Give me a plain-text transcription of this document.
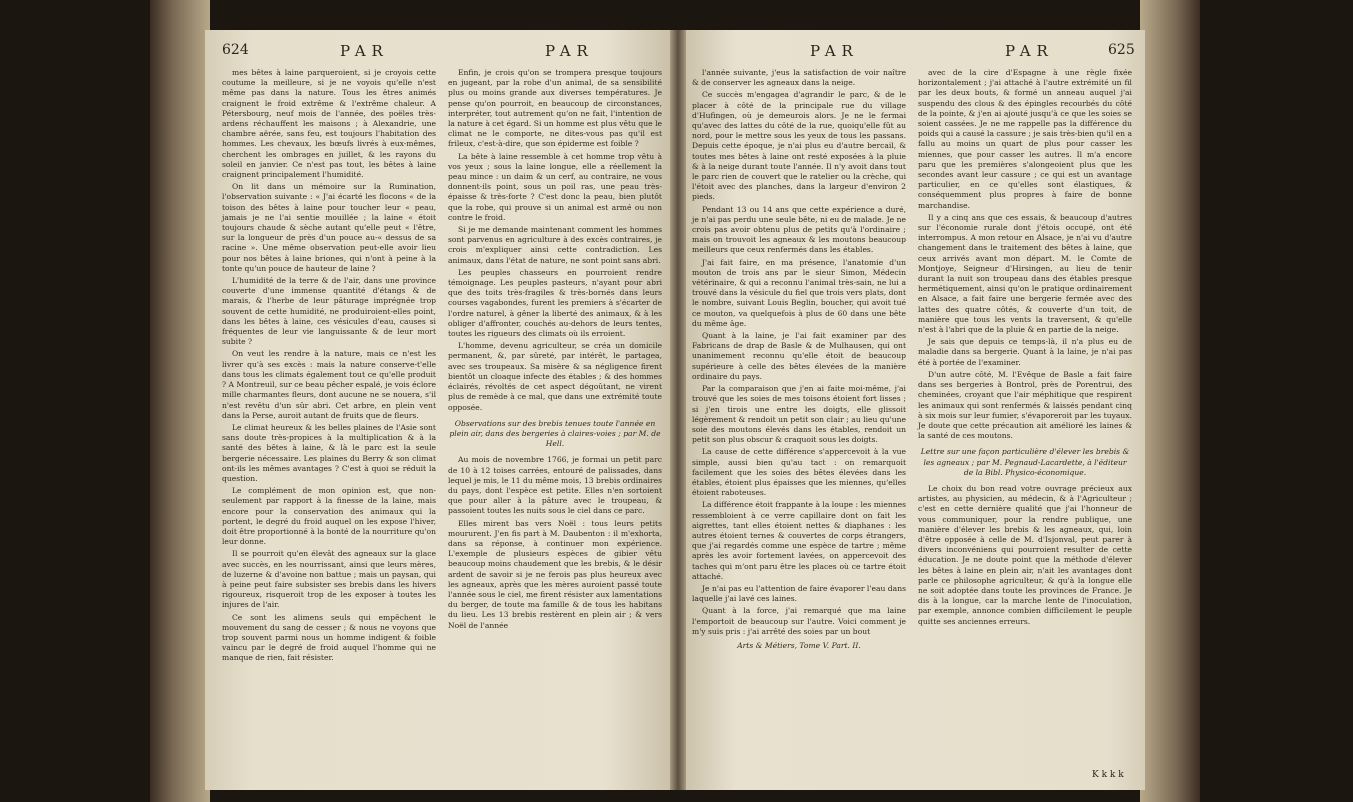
624	PAR	PAR	PAR	PAR	625

mes bêtes à laine parqueroient, si je croyois cette coutume la meilleure, si je ne voyois qu'elle n'est même pas dans la nature. Tous les êtres animés craignent le froid extrême & l'extrême chaleur. A Pétersbourg, neuf mois de l'année, des poëles très-ardens réchauffent les maisons ; à Alexandrie, une chambre aërée, sans feu, est toujours l'habitation des hommes. Les chevaux, les bœufs livrés à eux-mêmes, cherchent les ombrages en juillet, & les rayons du soleil en janvier. Ce n'est pas tout, les bêtes à laine craignent principalement l'humidité.

On lit dans un mémoire sur la Rumination, l'observation suivante : « J'ai écarté les flocons « de la toison des bêtes à laine pour toucher leur « peau, jamais je ne l'ai sentie mouillée ; la laine « étoit toujours chaude & sèche autant qu'elle peut « l'être, sur la longueur de près d'un pouce au-« dessus de sa racine ». Une même observation peut-elle avoir lieu pour nos bêtes à laine briones, qui n'ont à peine à la tonte qu'un pouce de hauteur de laine ?

L'humidité de la terre & de l'air, dans une province couverte d'une immense quantité d'étangs & de marais, & l'herbe de leur pâturage imprégnée trop souvent de cette humidité, ne produiroient-elles point, dans les bêtes à laine, ces vésicules d'eau, causes si fréquentes de leur vie languissante & de leur mort subite ?

On veut les rendre à la nature, mais ce n'est les livrer qu'à ses excès : mais la nature conserve-t'elle dans tous les climats également tout ce qu'elle produit ? A Montreuil, sur ce beau pêcher espalé, je vois éclore mille charmantes fleurs, dont aucune ne se nouera, s'il n'est revêtu d'un sûr abri. Cet arbre, en plein vent dans la Perse, auroit autant de fruits que de fleurs.

Le climat heureux & les belles plaines de l'Asie sont sans doute très-propices à la multiplication & à la santé des bêtes à laine, & là le parc est la seule bergerie nécessaire. Les plaines du Berry & son climat ont-ils les mêmes avantages ? C'est à quoi se réduit la question.

Le complément de mon opinion est, que non-seulement par rapport à la finesse de la laine, mais encore pour la conservation des animaux qui la portent, le degré du froid auquel on les expose l'hiver, doit être proportionné à la bonté de la nourriture qu'on leur donne.

Il se pourroit qu'en élevât des agneaux sur la glace avec succès, en les nourrissant, ainsi que leurs mères, de luzerne & d'avoine non battue ; mais un paysan, qui à peine peut faire subsister ses brebis dans les hivers rigoureux, risqueroit trop de les exposer à toutes les injures de l'air.

Ce sont les alimens seuls qui empêchent le mouvement du sang de cesser ; & nous ne voyons que trop souvent parmi nous un homme indigent & foible vaincu par le degré de froid auquel l'homme qui ne manque de rien, fait résister.

Enfin, je crois qu'on se trompera presque toujours en jugeant, par la robe d'un animal, de sa sensibilité plus ou moins grande aux diverses températures. Je pense qu'on pourroit, en beaucoup de circonstances, interpréter, tout autrement qu'on ne fait, l'intention de la nature à cet égard. Si un homme est plus vêtu que le climat ne le comporte, ne dites-vous pas qu'il est frileux, c'est-à-dire, que son épiderme est foible ?

La bête à laine ressemble à cet homme trop vêtu à vos yeux ; sous la laine longue, elle a réellement la peau mince : un daim & un cerf, au contraire, ne vous donnent-ils point, sous un poil ras, une peau très-épaisse & très-forte ? C'est donc la peau, bien plutôt que la robe, qui prouve si un animal est armé ou non contre le froid.

Si je me demande maintenant comment les hommes sont parvenus en agriculture à des excès contraires, je crois m'expliquer ainsi cette contradiction. Les animaux, dans l'état de nature, ne sont point sans abri.

Les peuples chasseurs en pourroient rendre témoignage. Les peuples pasteurs, n'ayant pour abri que des toits très-fragiles & très-bornés dans leurs courses vagabondes, furent les premiers à s'écarter de l'ordre naturel, à gêner la liberté des animaux, & à les obliger d'affronter, couchés au-dehors de leurs tentes, toutes les rigueurs des climats où ils erroient.

L'homme, devenu agriculteur, se créa un domicile permanent, &, par sûreté, par intérêt, le partagea, avec ses troupeaux. Sa misère & sa négligence firent bientôt un cloaque infecte des étables ; & des hommes éclairés, révoltés de cet aspect dégoûtant, ne virent plus de remède à ce mal, que dans une extrémité toute opposée.

Observations sur des brebis tenues toute l'année en plein air, dans des bergeries à claires-voies ; par M. de Hell.

Au mois de novembre 1766, je formai un petit parc de 10 à 12 toises carrées, entouré de palissades, dans lequel je mis, le 11 du même mois, 13 brebis ordinaires du pays, dont l'espèce est petite. Elles n'en sortoient que pour aller à la pâture avec le troupeau, & passoient toutes les nuits sous le ciel dans ce parc.

Elles mirent bas vers Noël : tous leurs petits moururent. J'en fis part à M. Daubenton : il m'exhorta, dans sa réponse, à continuer mon expérience. L'exemple de plusieurs espèces de gibier vêtu beaucoup moins chaudement que les brebis, & le désir ardent de savoir si je ne ferois pas plus heureux avec les agneaux, après que les mères auroient passé toute l'année sous le ciel, me firent résister aux lamentations du berger, de toute ma famille & de tous les habitans du lieu. Les 13 brebis restèrent en plein air ; & vers Noël de l'année

l'année suivante, j'eus la satisfaction de voir naître & de conserver les agneaux dans la neige.

Ce succès m'engagea d'agrandir le parc, & de le placer à côté de la principale rue du village d'Hufingen, où je demeurois alors. Je ne le fermai qu'avec des lattes du côté de la rue, quoiqu'elle fût au nord, pour le mettre sous les yeux de tous les passans. Depuis cette époque, je n'ai plus eu d'autre bercail, & toutes mes bêtes à laine ont resté exposées à la pluie & à la neige durant toute l'année. Il n'y avoit dans tout le parc rien de couvert que le ratelier ou la crèche, qui l'étoit avec des planches, dans la largeur d'environ 2 pieds.

Pendant 13 ou 14 ans que cette expérience a duré, je n'ai pas perdu une seule bête, ni eu de malade. Je ne crois pas avoir obtenu plus de petits qu'à l'ordinaire ; mais on trouvoit les agneaux & les moutons beaucoup meilleurs que ceux renfermés dans les étables.

J'ai fait faire, en ma présence, l'anatomie d'un mouton de trois ans par le sieur Simon, Médecin vétérinaire, & qui a reconnu l'animal très-sain, ne lui a trouvé dans la vésicule du fiel que trois vers plats, dont le nombre, suivant Louis Beglin, boucher, qui avoit tué ce mouton, va quelquefois à plus de 60 dans une bête du même âge.

Quant à la laine, je l'ai fait examiner par des Fabricans de drap de Basle & de Mulhausen, qui ont unanimement reconnu qu'elle étoit de beaucoup supérieure à celle des bêtes élevées de la manière ordinaire du pays.

Par la comparaison que j'en ai faite moi-même, j'ai trouvé que les soies de mes toisons étoient fort lisses ; si j'en tirois une entre les doigts, elle glissoit légèrement & rendoit un petit son clair ; au lieu qu'une soie des moutons élevés dans les étables, rendoit un petit son plus obscur & craquoit sous les doigts.

La cause de cette différence s'appercevoit à la vue simple, aussi bien qu'au tact : on remarquoit facilement que les soies des bêtes élevées dans les étables, étoient plus épaisses que les miennes, qu'elles étoient raboteuses.

La différence étoit frappante à la loupe : les miennes ressembloient à ce verre capillaire dont on fait les aigrettes, tant elles étoient nettes & diaphanes : les autres étoient ternes & couvertes de corps étrangers, que j'ai regardés comme une espèce de tartre ; même après les avoir fortement lavées, on appercevoit des taches qui m'ont paru être les places où ce tartre étoit attaché.

Je n'ai pas eu l'attention de faire évaporer l'eau dans laquelle j'ai lavé ces laines.

Quant à la force, j'ai remarqué que ma laine l'emportoit de beaucoup sur l'autre. Voici comment je m'y suis pris : j'ai arrêté des soies par un bout

Arts & Métiers, Tome V. Part. II.

avec de la cire d'Espagne à une règle fixée horizontalement ; j'ai attaché à l'autre extrémité un fil par les deux bouts, & formé un anneau auquel j'ai suspendu des clous & des épingles recourbés du côté de la pointe, & j'en ai ajouté jusqu'à ce que les soies se soient cassées. Je ne me rappelle pas la différence du poids qui a causé la cassure ; je sais très-bien qu'il en a fallu au moins un quart de plus pour casser les miennes, que pour casser les autres. Il m'a encore paru que les premières s'alongeoient plus que les secondes avant leur cassure ; ce qui est un avantage particulier, en ce qu'elles sont élastiques, & conséquemment plus propres à faire de bonne marchandise.

Il y a cinq ans que ces essais, & beaucoup d'autres sur l'économie rurale dont j'étois occupé, ont été interrompus. A mon retour en Alsace, je n'ai vu d'autre changement dans le traitement des bêtes à laine, que ceux arrivés avant mon départ. M. le Comte de Montjoye, Seigneur d'Hirsingen, au lieu de tenir durant la nuit son troupeau dans des étables presque hermétiquement, ainsi qu'on le pratique ordinairement en Alsace, a fait faire une bergerie fermée avec des lattes des quatre côtés, & couverte d'un toit, de manière que tous les vents la traversent, & qu'elle n'est à l'abri que de la pluie & en partie de la neige.

Je sais que depuis ce temps-là, il n'a plus eu de maladie dans sa bergerie. Quant à la laine, je n'ai pas été à portée de l'examiner.

D'un autre côté, M. l'Evêque de Basle a fait faire dans ses bergeries à Bontrol, près de Porentrui, des cheminées, croyant que l'air méphitique que respirent les animaux qui sont renfermés & laissés pendant cinq à six mois sur leur fumier, s'évaporeroit par les tuyaux. Je doute que cette précaution ait amélioré les laines & la santé de ces moutons.

Lettre sur une façon particulière d'élever les brebis & les agneaux ; par M. Pegnaud-Lacardette, à l'éditeur de la Bibl. Physico-économique.

Le choix du bon read votre ouvrage précieux aux artistes, au physicien, au médecin, & à l'Agriculteur ; c'est en cette dernière qualité que j'ai l'honneur de vous communiquer, pour la rendre publique, une manière d'élever les brebis & les agneaux, qui, loin d'être opposée à celle de M. d'Isjonval, peut parer à divers inconvéniens qui pourroient resulter de cette éducation. Je ne doute point que la méthode d'élever les bêtes à laine en plein air, n'ait les avantages dont parle ce philosophe agriculteur, & qu'à la longue elle ne soit adoptée dans toute les provinces de France. Je dis à la longue, car la marche lente de l'inoculation, par exemple, annonce combien difficilement le peuple quitte ses anciennes erreurs.

K k k k
